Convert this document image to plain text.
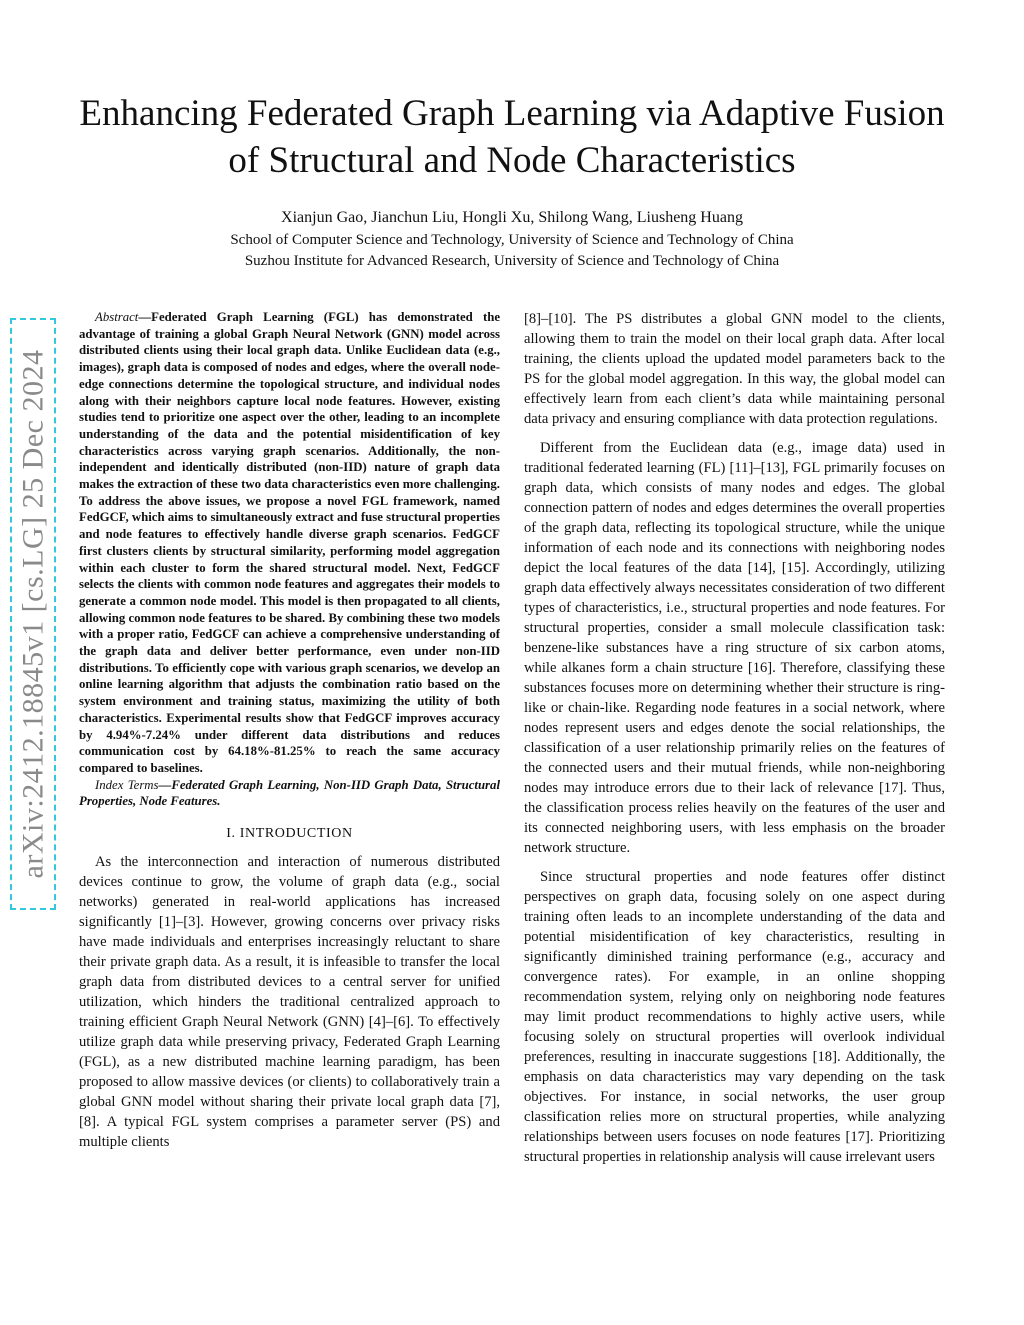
arXiv:2412.18845v1 [cs.LG] 25 Dec 2024
Enhancing Federated Graph Learning via Adaptive Fusion of Structural and Node Characteristics
Xianjun Gao, Jianchun Liu, Hongli Xu, Shilong Wang, Liusheng Huang
School of Computer Science and Technology, University of Science and Technology of China
Suzhou Institute for Advanced Research, University of Science and Technology of China

Abstract—Federated Graph Learning (FGL) has demonstrated the advantage of training a global Graph Neural Network (GNN) model across distributed clients using their local graph data. Unlike Euclidean data (e.g., images), graph data is composed of nodes and edges, where the overall node-edge connections determine the topological structure, and individual nodes along with their neighbors capture local node features. However, existing studies tend to prioritize one aspect over the other, leading to an incomplete understanding of the data and the potential misidentification of key characteristics across varying graph scenarios. Additionally, the non-independent and identically distributed (non-IID) nature of graph data makes the extraction of these two data characteristics even more challenging. To address the above issues, we propose a novel FGL framework, named FedGCF, which aims to simultaneously extract and fuse structural properties and node features to effectively handle diverse graph scenarios. FedGCF first clusters clients by structural similarity, performing model aggregation within each cluster to form the shared structural model. Next, FedGCF selects the clients with common node features and aggregates their models to generate a common node model. This model is then propagated to all clients, allowing common node features to be shared. By combining these two models with a proper ratio, FedGCF can achieve a comprehensive understanding of the graph data and deliver better performance, even under non-IID distributions. To efficiently cope with various graph scenarios, we develop an online learning algorithm that adjusts the combination ratio based on the system environment and training status, maximizing the utility of both characteristics. Experimental results show that FedGCF improves accuracy by 4.94%-7.24% under different data distributions and reduces communication cost by 64.18%-81.25% to reach the same accuracy compared to baselines.

Index Terms—Federated Graph Learning, Non-IID Graph Data, Structural Properties, Node Features.

I. INTRODUCTION

As the interconnection and interaction of numerous distributed devices continue to grow, the volume of graph data (e.g., social networks) generated in real-world applications has increased significantly [1]–[3]. However, growing concerns over privacy risks have made individuals and enterprises increasingly reluctant to share their private graph data. As a result, it is infeasible to transfer the local graph data from distributed devices to a central server for unified utilization, which hinders the traditional centralized approach to training efficient Graph Neural Network (GNN) [4]–[6]. To effectively utilize graph data while preserving privacy, Federated Graph Learning (FGL), as a new distributed machine learning paradigm, has been proposed to allow massive devices (or clients) to collaboratively train a global GNN model without sharing their private local graph data [7], [8]. A typical FGL system comprises a parameter server (PS) and multiple clients

[8]–[10]. The PS distributes a global GNN model to the clients, allowing them to train the model on their local graph data. After local training, the clients upload the updated model parameters back to the PS for the global model aggregation. In this way, the global model can effectively learn from each client’s data while maintaining personal data privacy and ensuring compliance with data protection regulations.

Different from the Euclidean data (e.g., image data) used in traditional federated learning (FL) [11]–[13], FGL primarily focuses on graph data, which consists of many nodes and edges. The global connection pattern of nodes and edges determines the overall properties of the graph data, reflecting its topological structure, while the unique information of each node and its connections with neighboring nodes depict the local features of the data [14], [15]. Accordingly, utilizing graph data effectively always necessitates consideration of two different types of characteristics, i.e., structural properties and node features. For structural properties, consider a small molecule classification task: benzene-like substances have a ring structure of six carbon atoms, while alkanes form a chain structure [16]. Therefore, classifying these substances focuses more on determining whether their structure is ring-like or chain-like. Regarding node features in a social network, where nodes represent users and edges denote the social relationships, the classification of a user relationship primarily relies on the features of the connected users and their mutual friends, while non-neighboring nodes may introduce errors due to their lack of relevance [17]. Thus, the classification process relies heavily on the features of the user and its connected neighboring users, with less emphasis on the broader network structure.

Since structural properties and node features offer distinct perspectives on graph data, focusing solely on one aspect during training often leads to an incomplete understanding of the data and potential misidentification of key characteristics, resulting in significantly diminished training performance (e.g., accuracy and convergence rates). For example, in an online shopping recommendation system, relying only on neighboring node features may limit product recommendations to highly active users, while focusing solely on structural properties will overlook individual preferences, resulting in inaccurate suggestions [18]. Additionally, the emphasis on data characteristics may vary depending on the task objectives. For instance, in social networks, the user group classification relies more on structural properties, while analyzing relationships between users focuses on node features [17]. Prioritizing structural properties in relationship analysis will cause irrelevant users
